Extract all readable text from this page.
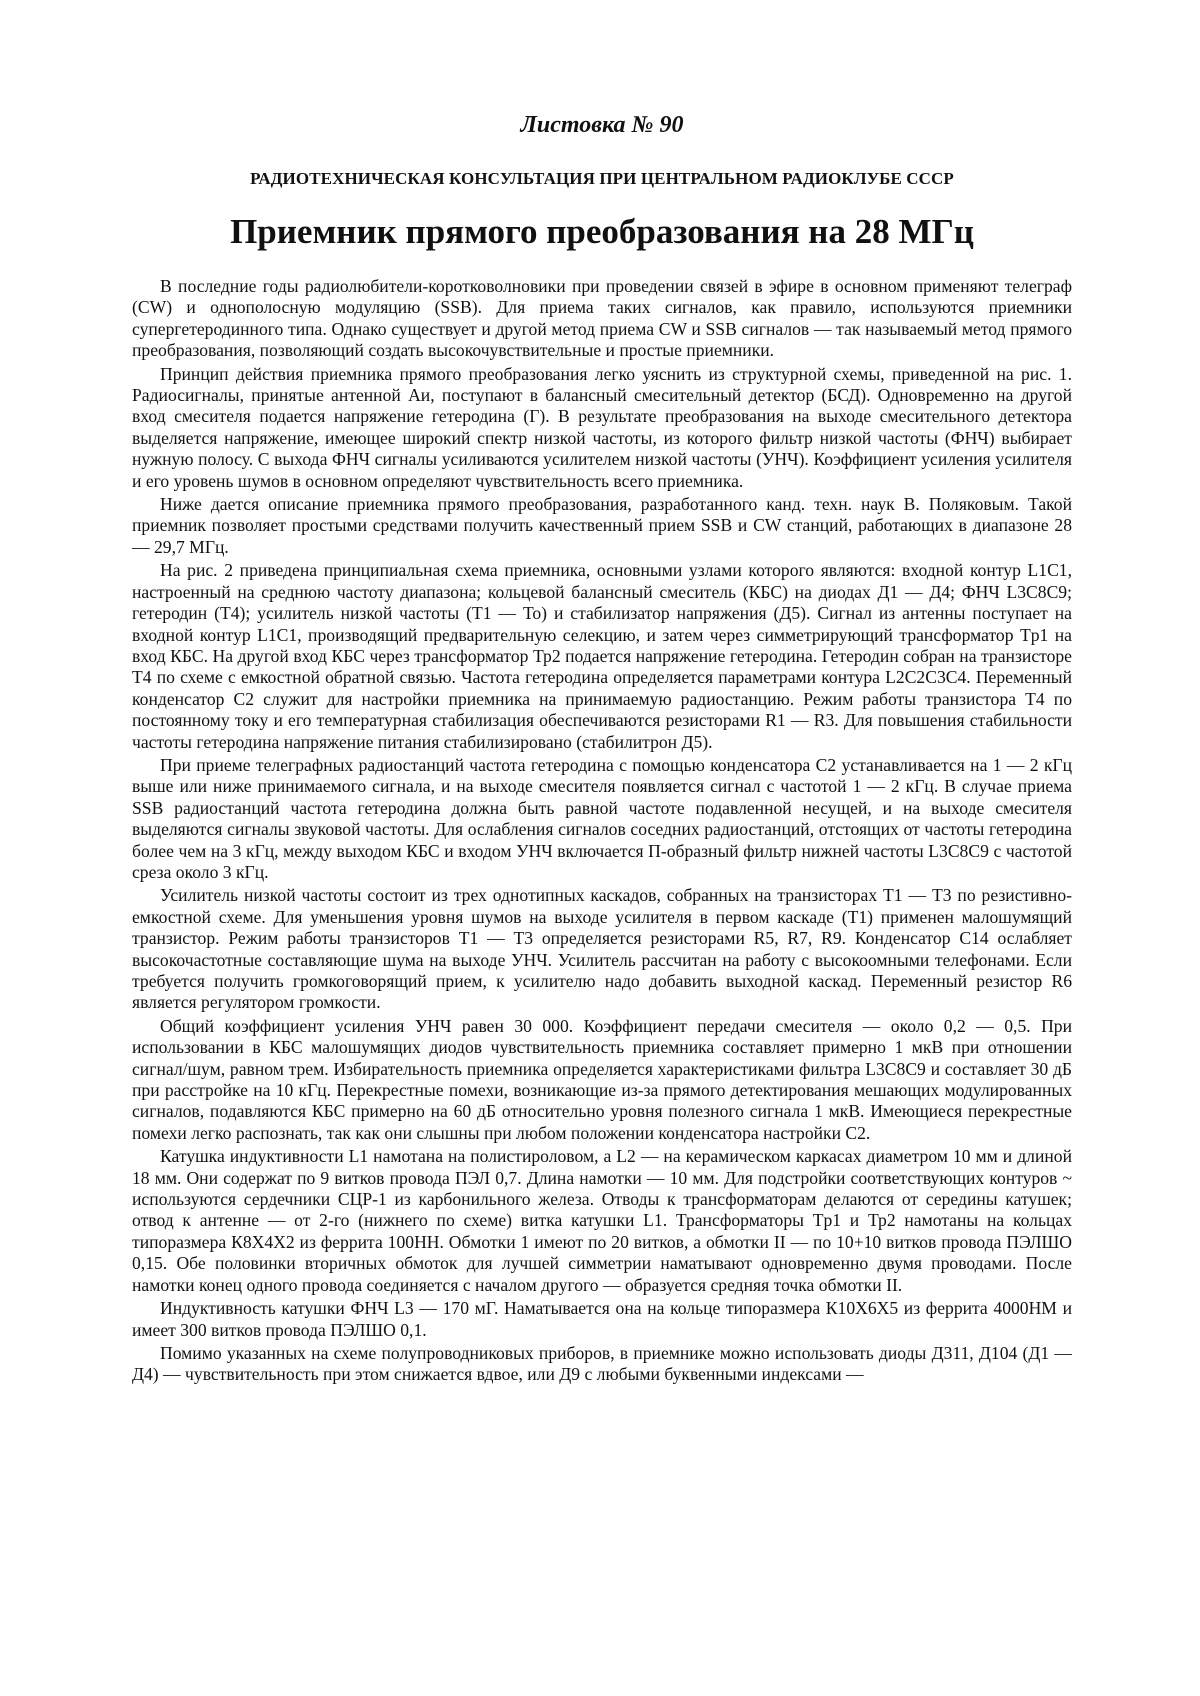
Листовка № 90
РАДИОТЕХНИЧЕСКАЯ КОНСУЛЬТАЦИЯ ПРИ ЦЕНТРАЛЬНОМ РАДИОКЛУБЕ СССР
Приемник прямого преобразования на 28 МГц

В последние годы радиолюбители-коротковолновики при проведении связей в эфире в основном применяют телеграф (CW) и однополосную модуляцию (SSB). Для приема таких сигналов, как правило, используются приемники супергетеродинного типа. Однако существует и другой метод приема CW и SSB сигналов — так называемый метод прямого преобразования, позволяющий создать высокочувствительные и простые приемники.

Принцип действия приемника прямого преобразования легко уяснить из структурной схемы, приведенной на рис. 1. Радиосигналы, принятые антенной Аи, поступают в балансный смесительный детектор (БСД). Одновременно на другой вход смесителя подается напряжение гетеродина (Г). В результате преобразования на выходе смесительного детектора выделяется напряжение, имеющее широкий спектр низкой частоты, из которого фильтр низкой частоты (ФНЧ) выбирает нужную полосу. С выхода ФНЧ сигналы усиливаются усилителем низкой частоты (УНЧ). Коэффициент усиления усилителя и его уровень шумов в основном определяют чувствительность всего приемника.

Ниже дается описание приемника прямого преобразования, разработанного канд. техн. наук В. Поляковым. Такой приемник позволяет простыми средствами получить качественный прием SSB и CW станций, работающих в диапазоне 28 — 29,7 МГц.

На рис. 2 приведена принципиальная схема приемника, основными узлами которого являются: входной контур L1C1, настроенный на среднюю частоту диапазона; кольцевой балансный смеситель (КБС) на диодах Д1 — Д4; ФНЧ L3C8C9; гетеродин (Т4); усилитель низкой частоты (Т1 — То) и стабилизатор напряжения (Д5). Сигнал из антенны поступает на входной контур L1C1, производящий предварительную селекцию, и затем через симметрирующий трансформатор Tp1 на вход КБС. На другой вход КБС через трансформатор Тр2 подается напряжение гетеродина. Гетеродин собран на транзисторе Т4 по схеме с емкостной обратной связью. Частота гетеродина определяется параметрами контура L2C2C3C4. Переменный конденсатор С2 служит для настройки приемника на принимаемую радиостанцию. Режим работы транзистора Т4 по постоянному току и его температурная стабилизация обеспечиваются резисторами R1 — R3. Для повышения стабильности частоты гетеродина напряжение питания стабилизировано (стабилитрон Д5).

При приеме телеграфных радиостанций частота гетеродина с помощью конденсатора С2 устанавливается на 1 — 2 кГц выше или ниже принимаемого сигнала, и на выходе смесителя появляется сигнал с частотой 1 — 2 кГц. В случае приема SSB радиостанций частота гетеродина должна быть равной частоте подавленной несущей, и на выходе смесителя выделяются сигналы звуковой частоты. Для ослабления сигналов соседних радиостанций, отстоящих от частоты гетеродина более чем на 3 кГц, между выходом КБС и входом УНЧ включается П-образный фильтр нижней частоты L3C8C9 с частотой среза около 3 кГц.

Усилитель низкой частоты состоит из трех однотипных каскадов, собранных на транзисторах Т1 — Т3 по резистивно-емкостной схеме. Для уменьшения уровня шумов на выходе усилителя в первом каскаде (Т1) применен малошумящий транзистор. Режим работы транзисторов Т1 — Т3 определяется резисторами R5, R7, R9. Конденсатор С14 ослабляет высокочастотные составляющие шума на выходе УНЧ. Усилитель рассчитан на работу с высокоомными телефонами. Если требуется получить громкоговорящий прием, к усилителю надо добавить выходной каскад. Переменный резистор R6 является регулятором громкости.

Общий коэффициент усиления УНЧ равен 30 000. Коэффициент передачи смесителя — около 0,2 — 0,5. При использовании в КБС малошумящих диодов чувствительность приемника составляет примерно 1 мкВ при отношении сигнал/шум, равном трем. Избирательность приемника определяется характеристиками фильтра L3C8C9 и составляет 30 дБ при расстройке на 10 кГц. Перекрестные помехи, возникающие из-за прямого детектирования мешающих модулированных сигналов, подавляются КБС примерно на 60 дБ относительно уровня полезного сигнала 1 мкВ. Имеющиеся перекрестные помехи легко распознать, так как они слышны при любом положении конденсатора настройки С2.

Катушка индуктивности L1 намотана на полистироловом, а L2 — на керамическом каркасах диаметром 10 мм и длиной 18 мм. Они содержат по 9 витков провода ПЭЛ 0,7. Длина намотки — 10 мм. Для подстройки соответствующих контуров ~ используются сердечники СЦР-1 из карбонильного железа. Отводы к трансформаторам делаются от середины катушек; отвод к антенне — от 2-го (нижнего по схеме) витка катушки L1. Трансформаторы Tp1 и Тр2 намотаны на кольцах типоразмера К8Х4Х2 из феррита 100НН. Обмотки 1 имеют по 20 витков, а обмотки II — по 10+10 витков провода ПЭЛШО 0,15. Обе половинки вторичных обмоток для лучшей симметрии наматывают одновременно двумя проводами. После намотки конец одного провода соединяется с началом другого — образуется средняя точка обмотки II.

Индуктивность катушки ФНЧ L3 — 170 мГ. Наматывается она на кольце типоразмера К10Х6Х5 из феррита 4000НМ и имеет 300 витков провода ПЭЛШО 0,1.

Помимо указанных на схеме полупроводниковых приборов, в приемнике можно использовать диоды Д311, Д104 (Д1 — Д4) — чувствительность при этом снижается вдвое, или Д9 с любыми буквенными индексами —
